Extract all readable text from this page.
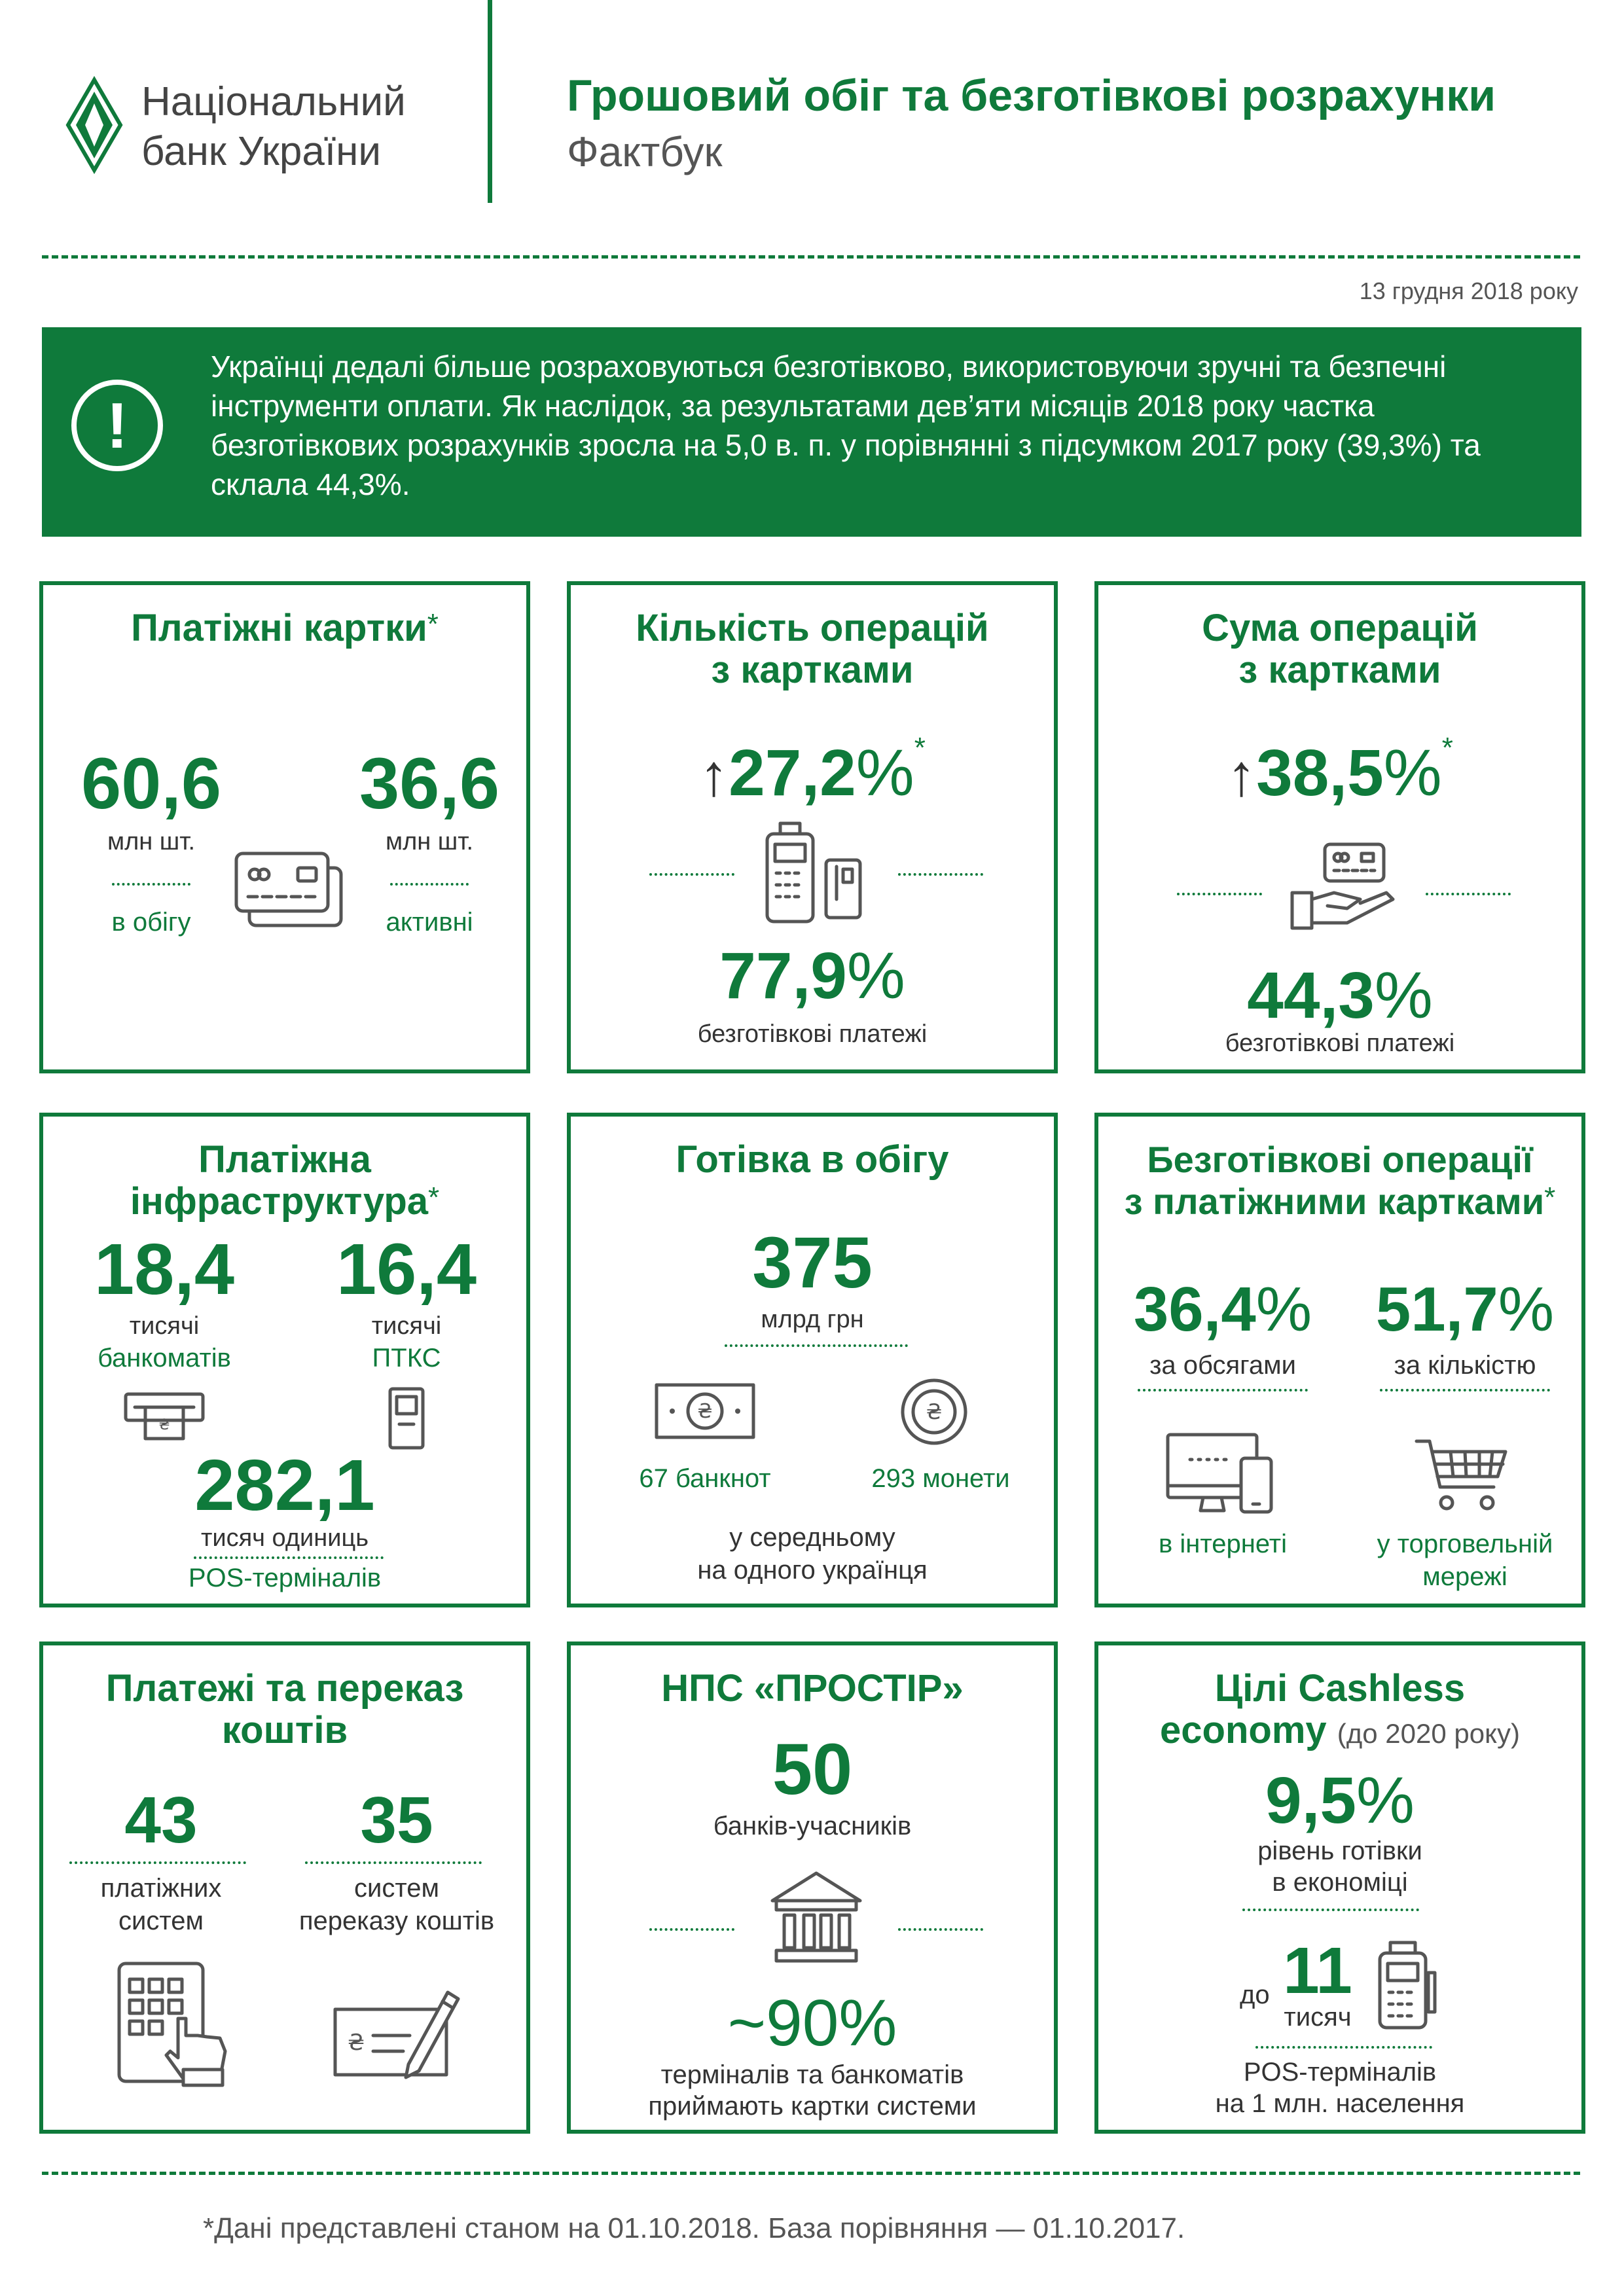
Національний
банк України
Грошовий обіг та безготівкові розрахунки
Фактбук
13 грудня 2018 року
!
Українці дедалі більше розраховуються безготівково, використовуючи зручні та безпечні інструменти оплати. Як наслідок, за результатами дев’яти місяців 2018 року частка безготівкових розрахунків зросла на 5,0 в. п. у порівнянні з підсумком 2017 року (39,3%) та склала 44,3%.
Платіжні картки*
60,6
млн шт.
в обігу
36,6
млн шт.
активні
Кількість операцій
з картками
↑27,2%*
77,9%
безготівкові платежі
Сума операцій
з картками
↑38,5%*
44,3%
безготівкові платежі
Платіжна
інфраструктура*
18,4
тисячі
банкоматів
₴
16,4
тисячі
ПТКС
282,1
тисяч одиниць
POS-терміналів
Готівка в обігу
375
млрд грн
₴	₴
67 банкнот	293 монети
у середньому
на одного українця
Безготівкові операції
з платіжними картками*
36,4%
за обсягами
51,7%
за кількістю
в інтернеті	у торговельній
мережі
Платежі та переказ
коштів
43
платіжних
систем
35
систем
переказу коштів
₴
НПС «ПРОСТІР»
50
банків-учасників
~90%
терміналів та банкоматів
приймають картки системи
Цілі Cashless
economy (до 2020 року)
9,5%
рівень готівки
в економіці
до 11
тисяч
POS-терміналів
на 1 млн. населення
*Дані представлені станом на 01.10.2018. База порівняння — 01.10.2017.
